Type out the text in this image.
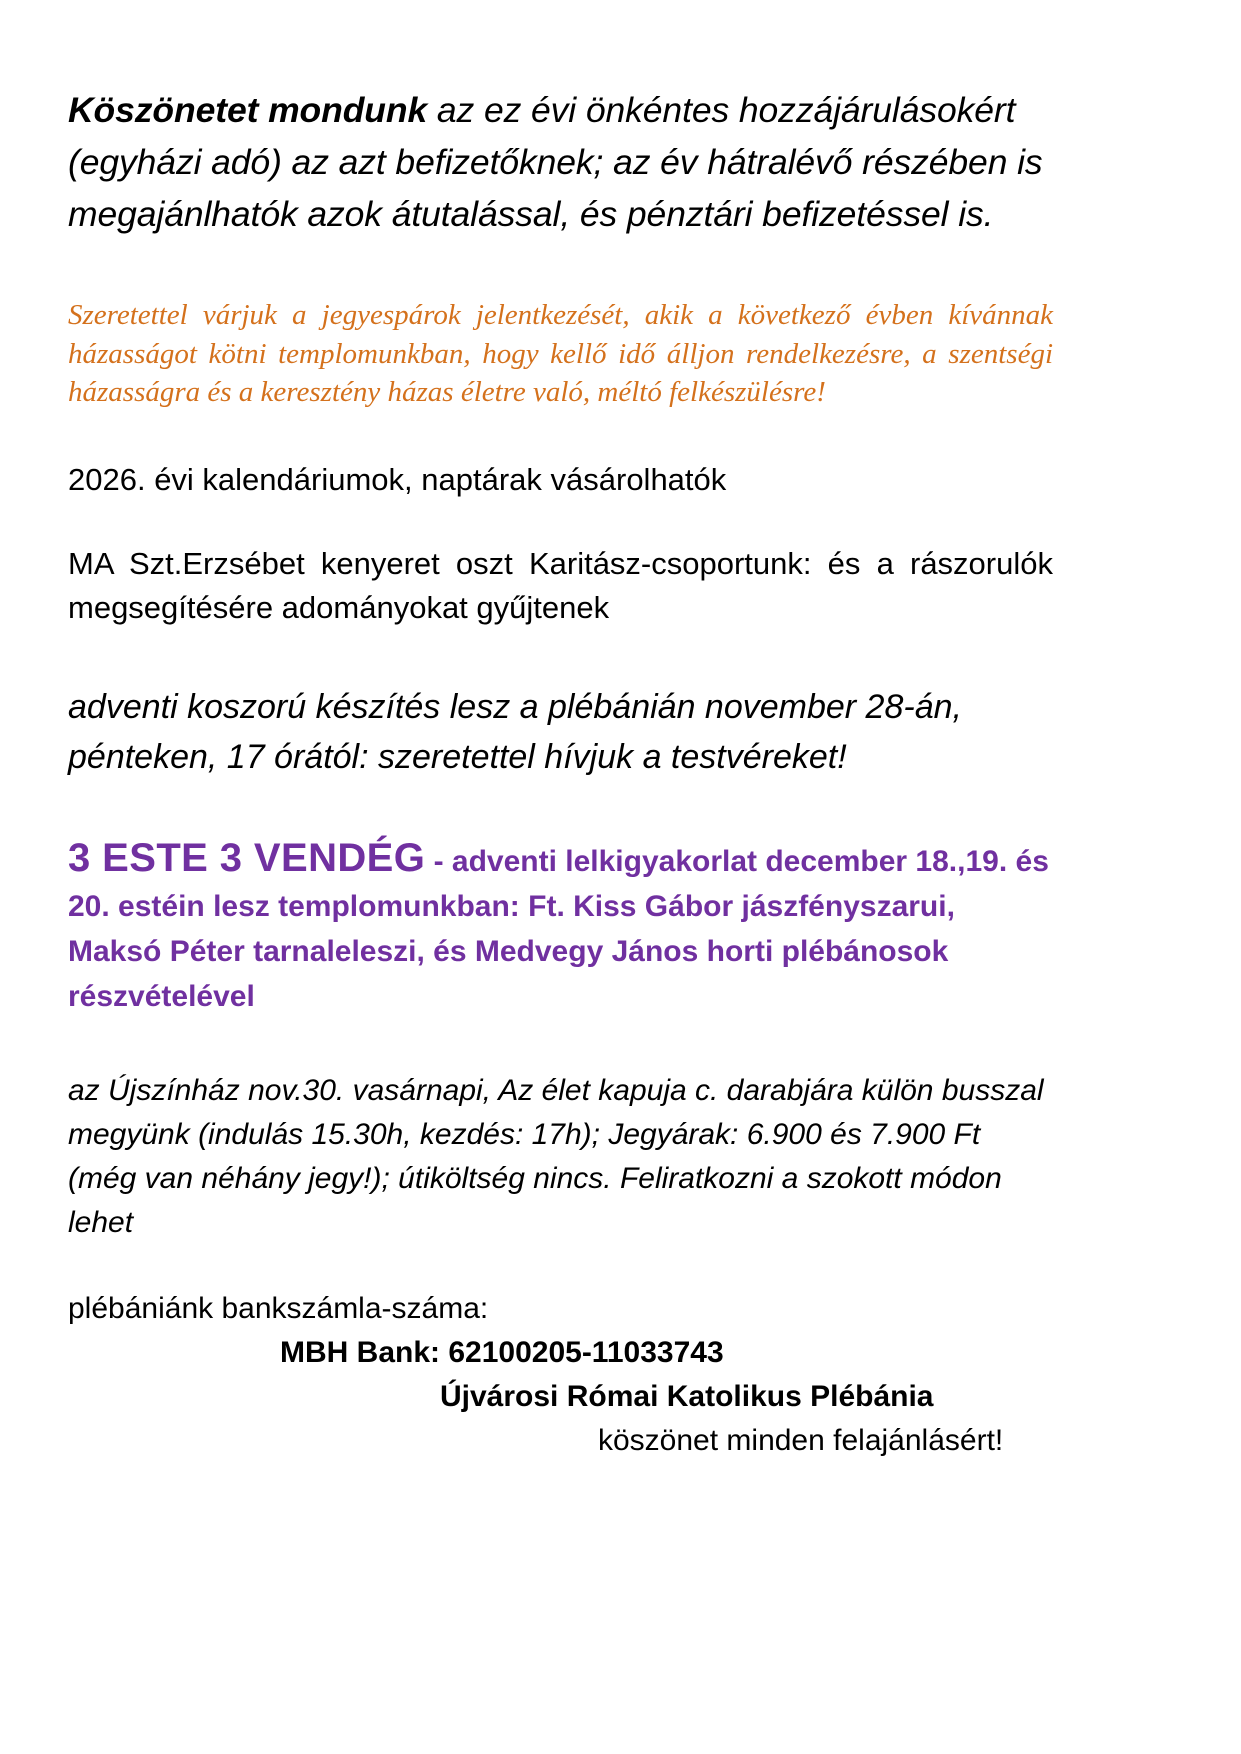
Köszönetet mondunk az ez évi önkéntes hozzájárulásokért (egyházi adó) az azt befizetőknek; az év hátralévő részében is megajánlhatók azok átutalással, és pénztári befizetéssel is.

Szeretettel várjuk a jegyespárok jelentkezését, akik a következő évben kívánnak házasságot kötni templomunkban, hogy kellő idő álljon rendelkezésre, a szentségi házasságra és a keresztény házas életre való, méltó felkészülésre!

2026. évi kalendáriumok, naptárak vásárolhatók

MA Szt.Erzsébet kenyeret oszt Karitász-csoportunk: és a rászorulók megsegítésére adományokat gyűjtenek

adventi koszorú készítés lesz a plébánián november 28-án, pénteken, 17 órától: szeretettel hívjuk a testvéreket!

3 ESTE 3 VENDÉG - adventi lelkigyakorlat december 18.,19. és 20. estéin lesz templomunkban: Ft. Kiss Gábor jászfényszarui, Maksó Péter tarnaleleszi, és Medvegy János horti plébánosok részvételével

az Újszínház nov.30. vasárnapi, Az élet kapuja c. darabjára külön busszal megyünk (indulás 15.30h, kezdés: 17h); Jegyárak: 6.900 és 7.900 Ft (még van néhány jegy!); útiköltség nincs. Feliratkozni a szokott módon lehet

plébániánk bankszámla-száma:

MBH Bank: 62100205-11033743
Újvárosi Római Katolikus Plébánia
köszönet minden felajánlásért!
